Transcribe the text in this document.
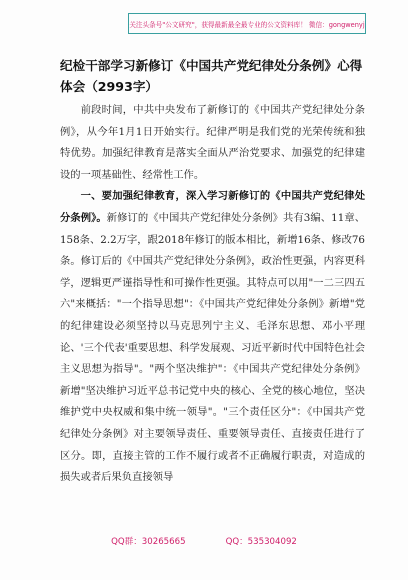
关注头条号"公文研究"，获得最新最全最专业的公文资料库！ 微信：gongwenyj
纪检干部学习新修订《中国共产党纪律处分条例》心得体会（2993字）

前段时间，中共中央发布了新修订的《中国共产党纪律处分条例》，从今年1月1日开始实行。纪律严明是我们党的光荣传统和独特优势。加强纪律教育是落实全面从严治党要求、加强党的纪律建设的一项基础性、经常性工作。

一、要加强纪律教育，深入学习新修订的《中国共产党纪律处分条例》。新修订的《中国共产党纪律处分条例》共有3编、11章、158条、2.2万字，跟2018年修订的版本相比，新增16条、修改76条。修订后的《中国共产党纪律处分条例》，政治性更强，内容更科学，逻辑更严谨指导性和可操作性更强。其特点可以用"一二三四五六"来概括："一个指导思想"：《中国共产党纪律处分条例》新增"党的纪律建设必须坚持以马克思列宁主义、毛泽东思想、邓小平理论、'三个代表'重要思想、科学发展观、习近平新时代中国特色社会主义思想为指导"。"两个坚决维护"：《中国共产党纪律处分条例》新增"坚决维护习近平总书记党中央的核心、全党的核心地位，坚决维护党中央权威和集中统一领导"。"三个责任区分"：《中国共产党纪律处分条例》对主要领导责任、重要领导责任、直接责任进行了区分。即，直接主管的工作不履行或者不正确履行职责，对造成的损失或者后果负直接领导

QQ群：30265665	QQ：535304092
